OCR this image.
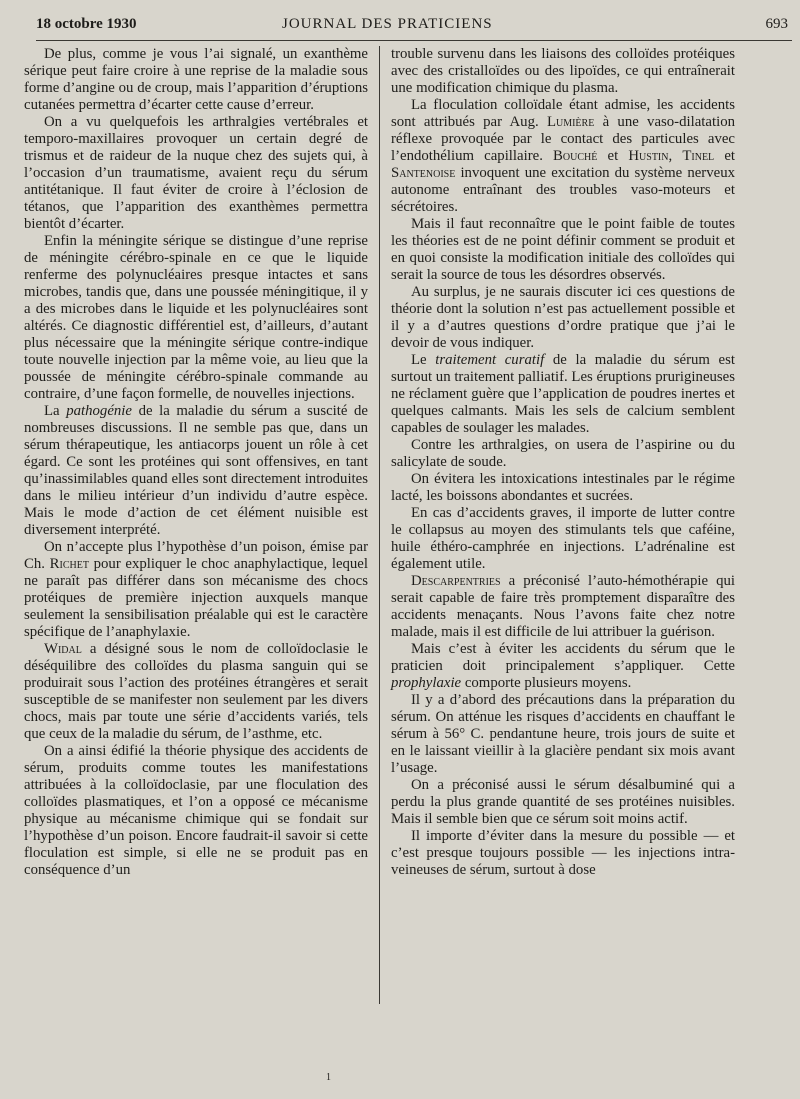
18 octobre 1930	JOURNAL DES PRATICIENS	693

De plus, comme je vous l’ai signalé, un exanthème sérique peut faire croire à une reprise de la maladie sous forme d’angine ou de croup, mais l’apparition d’éruptions cutanées permettra d’écarter cette cause d’erreur.

On a vu quelquefois les arthralgies vertébrales et temporo-maxillaires provoquer un certain degré de trismus et de raideur de la nuque chez des sujets qui, à l’occasion d’un traumatisme, avaient reçu du sérum antitétanique. Il faut éviter de croire à l’éclosion de tétanos, que l’apparition des exanthèmes permettra bientôt d’écarter.

Enfin la méningite sérique se distingue d’une reprise de méningite cérébro-spinale en ce que le liquide renferme des polynucléaires presque intactes et sans microbes, tandis que, dans une poussée méningitique, il y a des microbes dans le liquide et les polynucléaires sont altérés. Ce diagnostic différentiel est, d’ailleurs, d’autant plus nécessaire que la méningite sérique contre-indique toute nouvelle injection par la même voie, au lieu que la poussée de méningite cérébro-spinale commande au contraire, d’une façon formelle, de nouvelles injections.

La pathogénie de la maladie du sérum a suscité de nombreuses discussions. Il ne semble pas que, dans un sérum thérapeutique, les antiacorps jouent un rôle à cet égard. Ce sont les protéines qui sont offensives, en tant qu’inassimilables quand elles sont directement introduites dans le milieu intérieur d’un individu d’autre espèce. Mais le mode d’action de cet élément nuisible est diversement interprété.

On n’accepte plus l’hypothèse d’un poison, émise par Ch. Richet pour expliquer le choc anaphylactique, lequel ne paraît pas différer dans son mécanisme des chocs protéiques de première injection auxquels manque seulement la sensibilisation préalable qui est le caractère spécifique de l’anaphylaxie.

Widal a désigné sous le nom de colloïdoclasie le déséquilibre des colloïdes du plasma sanguin qui se produirait sous l’action des protéines étrangères et serait susceptible de se manifester non seulement par les divers chocs, mais par toute une série d’accidents variés, tels que ceux de la maladie du sérum, de l’asthme, etc.

On a ainsi édifié la théorie physique des accidents de sérum, produits comme toutes les manifestations attribuées à la colloïdoclasie, par une floculation des colloïdes plasmatiques, et l’on a opposé ce mécanisme physique au mécanisme chimique qui se fondait sur l’hypothèse d’un poison. Encore faudrait-il savoir si cette floculation est simple, si elle ne se produit pas en conséquence d’un

trouble survenu dans les liaisons des colloïdes protéiques avec des cristalloïdes ou des lipoïdes, ce qui entraînerait une modification chimique du plasma.

La floculation colloïdale étant admise, les accidents sont attribués par Aug. Lumière à une vaso-dilatation réflexe provoquée par le contact des particules avec l’endothélium capillaire. Bouché et Hustin, Tinel et Santenoise invoquent une excitation du système nerveux autonome entraînant des troubles vaso-moteurs et sécrétoires.

Mais il faut reconnaître que le point faible de toutes les théories est de ne point définir comment se produit et en quoi consiste la modification initiale des colloïdes qui serait la source de tous les désordres observés.

Au surplus, je ne saurais discuter ici ces questions de théorie dont la solution n’est pas actuellement possible et il y a d’autres questions d’ordre pratique que j’ai le devoir de vous indiquer.

Le traitement curatif de la maladie du sérum est surtout un traitement palliatif. Les éruptions prurigineuses ne réclament guère que l’application de poudres inertes et quelques calmants. Mais les sels de calcium semblent capables de soulager les malades.

Contre les arthralgies, on usera de l’aspirine ou du salicylate de soude.

On évitera les intoxications intestinales par le régime lacté, les boissons abondantes et sucrées.

En cas d’accidents graves, il importe de lutter contre le collapsus au moyen des stimulants tels que caféine, huile éthéro-camphrée en injections. L’adrénaline est également utile.

Descarpentries a préconisé l’auto-hémothérapie qui serait capable de faire très promptement disparaître des accidents menaçants. Nous l’avons faite chez notre malade, mais il est difficile de lui attribuer la guérison.

Mais c’est à éviter les accidents du sérum que le praticien doit principalement s’appliquer. Cette prophylaxie comporte plusieurs moyens.

Il y a d’abord des précautions dans la préparation du sérum. On atténue les risques d’accidents en chauffant le sérum à 56° C. pendantune heure, trois jours de suite et en le laissant vieillir à la glacière pendant six mois avant l’usage.

On a préconisé aussi le sérum désalbuminé qui a perdu la plus grande quantité de ses protéines nuisibles. Mais il semble bien que ce sérum soit moins actif.

Il importe d’éviter dans la mesure du possible — et c’est presque toujours possible — les injections intra-veineuses de sérum, surtout à dose

1
